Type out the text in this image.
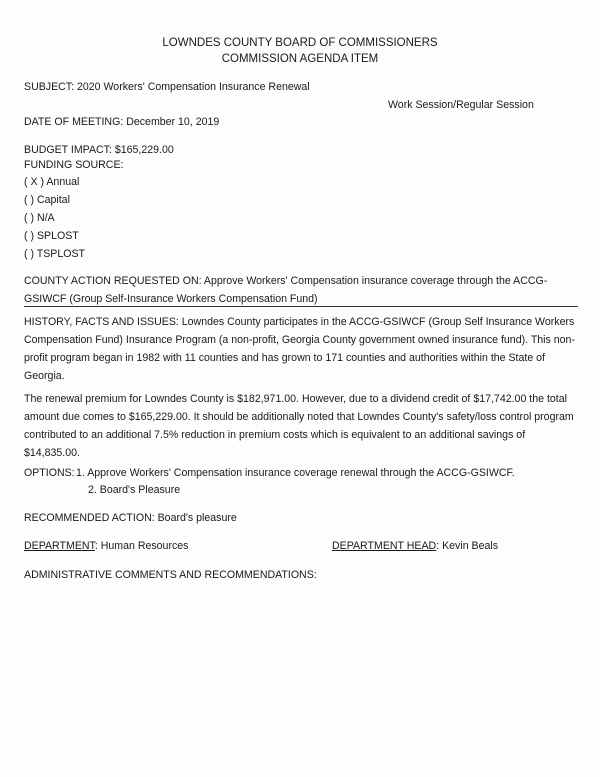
LOWNDES COUNTY BOARD OF COMMISSIONERS
COMMISSION AGENDA ITEM
SUBJECT: 2020 Workers' Compensation Insurance Renewal
Work Session/Regular Session
DATE OF MEETING: December 10, 2019
BUDGET IMPACT: $165,229.00
FUNDING SOURCE:
( X ) Annual
( ) Capital
( ) N/A
( ) SPLOST
( ) TSPLOST
COUNTY ACTION REQUESTED ON: Approve Workers' Compensation insurance coverage through the ACCG-GSIWCF (Group Self-Insurance Workers Compensation Fund)
HISTORY, FACTS AND ISSUES: Lowndes County participates in the ACCG-GSIWCF (Group Self Insurance Workers Compensation Fund) Insurance Program (a non-profit, Georgia County government owned insurance fund). This non-profit program began in 1982 with 11 counties and has grown to 171 counties and authorities within the State of Georgia.
The renewal premium for Lowndes County is $182,971.00. However, due to a dividend credit of $17,742.00 the total amount due comes to $165,229.00. It should be additionally noted that Lowndes County's safety/loss control program contributed to an additional 7.5% reduction in premium costs which is equivalent to an additional savings of $14,835.00.
OPTIONS: 1. Approve Workers' Compensation insurance coverage renewal through the ACCG-GSIWCF.
2. Board's Pleasure
RECOMMENDED ACTION: Board's pleasure
DEPARTMENT: Human Resources	DEPARTMENT HEAD: Kevin Beals
ADMINISTRATIVE COMMENTS AND RECOMMENDATIONS:
